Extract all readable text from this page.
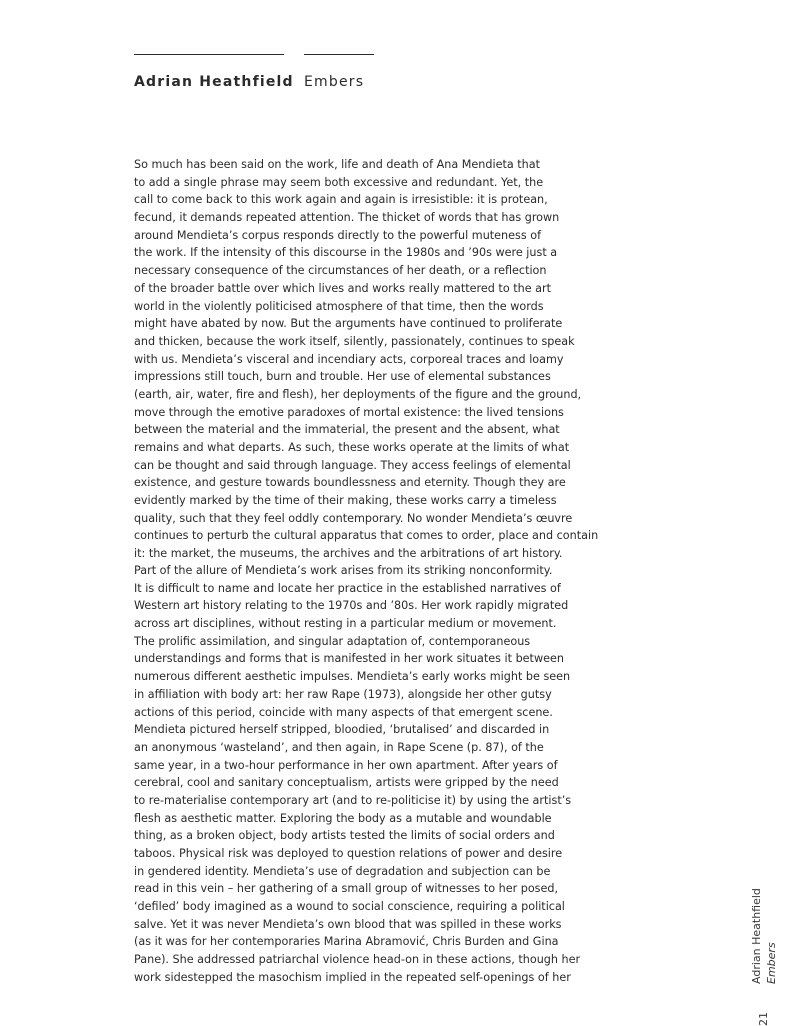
Adrian Heathfield Embers
So much has been said on the work, life and death of Ana Mendieta that
to add a single phrase may seem both excessive and redundant. Yet, the
call to come back to this work again and again is irresistible: it is protean,
fecund, it demands repeated attention. The thicket of words that has grown
around Mendieta’s corpus responds directly to the powerful muteness of
the work. If the intensity of this discourse in the 1980s and ’90s were just a
necessary consequence of the circumstances of her death, or a reflection
of the broader battle over which lives and works really mattered to the art
world in the violently politicised atmosphere of that time, then the words
might have abated by now. But the arguments have continued to proliferate
and thicken, because the work itself, silently, passionately, continues to speak
with us. Mendieta’s visceral and incendiary acts, corporeal traces and loamy
impressions still touch, burn and trouble. Her use of elemental substances
(earth, air, water, fire and flesh), her deployments of the figure and the ground,
move through the emotive paradoxes of mortal existence: the lived tensions
between the material and the immaterial, the present and the absent, what
remains and what departs. As such, these works operate at the limits of what
can be thought and said through language. They access feelings of elemental
existence, and gesture towards boundlessness and eternity. Though they are
evidently marked by the time of their making, these works carry a timeless
quality, such that they feel oddly contemporary. No wonder Mendieta’s œuvre
continues to perturb the cultural apparatus that comes to order, place and contain
it: the market, the museums, the archives and the arbitrations of art history.
Part of the allure of Mendieta’s work arises from its striking nonconformity.
It is difficult to name and locate her practice in the established narratives of
Western art history relating to the 1970s and ’80s. Her work rapidly migrated
across art disciplines, without resting in a particular medium or movement.
The prolific assimilation, and singular adaptation of, contemporaneous
understandings and forms that is manifested in her work situates it between
numerous different aesthetic impulses. Mendieta’s early works might be seen
in affiliation with body art: her raw Rape (1973), alongside her other gutsy
actions of this period, coincide with many aspects of that emergent scene.
Mendieta pictured herself stripped, bloodied, ‘brutalised’ and discarded in
an anonymous ‘wasteland’, and then again, in Rape Scene (p. 87), of the
same year, in a two-hour performance in her own apartment. After years of
cerebral, cool and sanitary conceptualism, artists were gripped by the need
to re-materialise contemporary art (and to re-politicise it) by using the artist’s
flesh as aesthetic matter. Exploring the body as a mutable and woundable
thing, as a broken object, body artists tested the limits of social orders and
taboos. Physical risk was deployed to question relations of power and desire
in gendered identity. Mendieta’s use of degradation and subjection can be
read in this vein – her gathering of a small group of witnesses to her posed,
‘defiled’ body imagined as a wound to social conscience, requiring a political
salve. Yet it was never Mendieta’s own blood that was spilled in these works
(as it was for her contemporaries Marina Abramović, Chris Burden and Gina
Pane). She addressed patriarchal violence head-on in these actions, though her
work sidestepped the masochism implied in the repeated self-openings of her
21
Adrian Heathfield Embers
